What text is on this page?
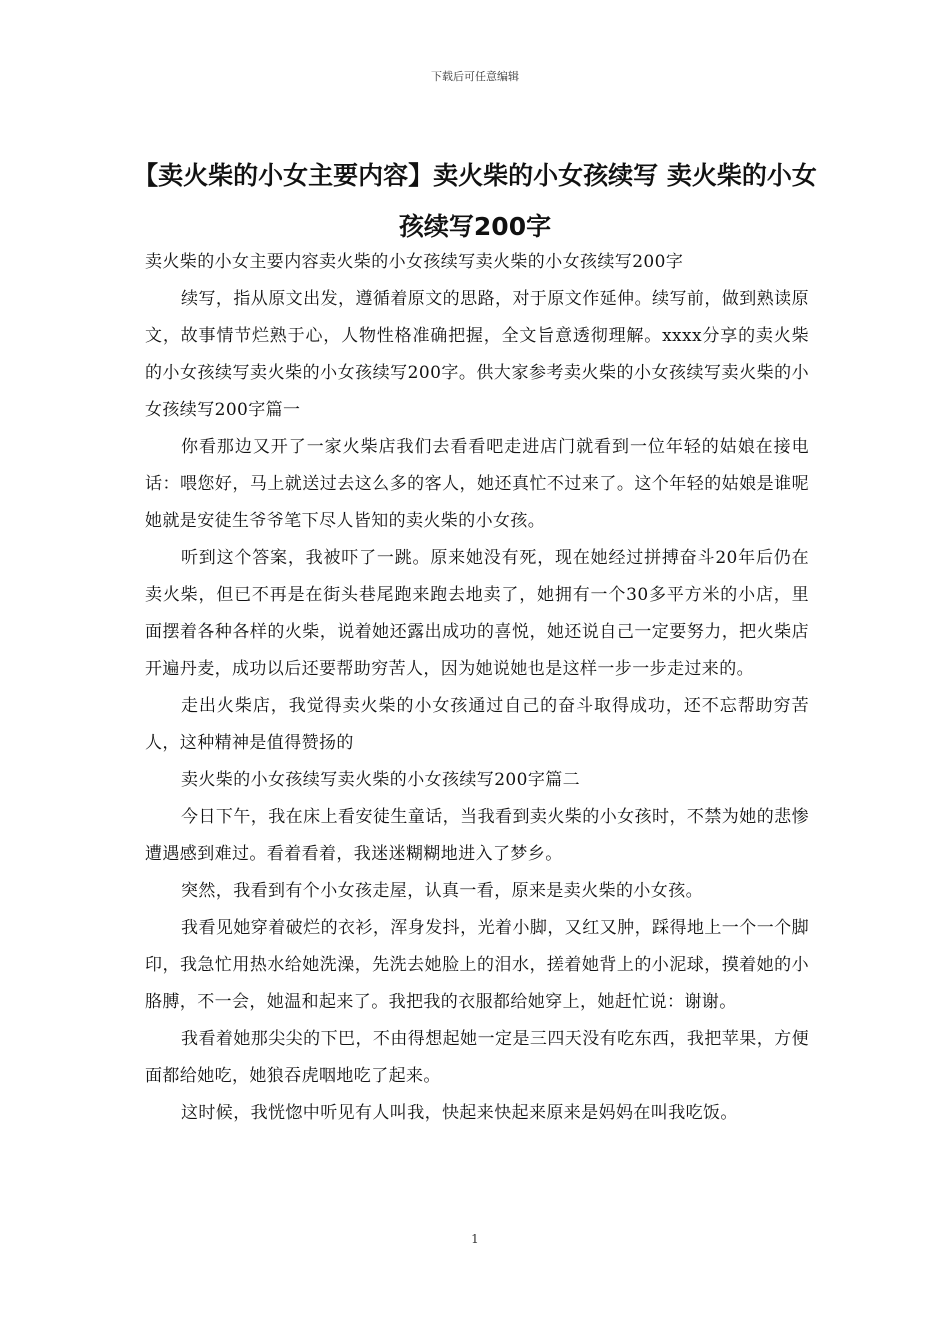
下载后可任意编辑
【卖火柴的小女主要内容】卖火柴的小女孩续写 卖火柴的小女孩续写200字

卖火柴的小女主要内容卖火柴的小女孩续写卖火柴的小女孩续写200字

续写，指从原文出发，遵循着原文的思路，对于原文作延伸。续写前，做到熟读原文，故事情节烂熟于心，人物性格准确把握，全文旨意透彻理解。xxxx分享的卖火柴的小女孩续写卖火柴的小女孩续写200字。供大家参考卖火柴的小女孩续写卖火柴的小女孩续写200字篇一

你看那边又开了一家火柴店我们去看看吧走进店门就看到一位年轻的姑娘在接电话：喂您好，马上就送过去这么多的客人，她还真忙不过来了。这个年轻的姑娘是谁呢她就是安徒生爷爷笔下尽人皆知的卖火柴的小女孩。

听到这个答案，我被吓了一跳。原来她没有死，现在她经过拼搏奋斗20年后仍在卖火柴，但已不再是在街头巷尾跑来跑去地卖了，她拥有一个30多平方米的小店，里面摆着各种各样的火柴，说着她还露出成功的喜悦，她还说自己一定要努力，把火柴店开遍丹麦，成功以后还要帮助穷苦人，因为她说她也是这样一步一步走过来的。

走出火柴店，我觉得卖火柴的小女孩通过自己的奋斗取得成功，还不忘帮助穷苦人，这种精神是值得赞扬的

卖火柴的小女孩续写卖火柴的小女孩续写200字篇二

今日下午，我在床上看安徒生童话，当我看到卖火柴的小女孩时，不禁为她的悲惨遭遇感到难过。看着看着，我迷迷糊糊地进入了梦乡。

突然，我看到有个小女孩走屋，认真一看，原来是卖火柴的小女孩。

我看见她穿着破烂的衣衫，浑身发抖，光着小脚，又红又肿，踩得地上一个一个脚印，我急忙用热水给她洗澡，先洗去她脸上的泪水，搓着她背上的小泥球，摸着她的小胳膊，不一会，她温和起来了。我把我的衣服都给她穿上，她赶忙说：谢谢。

我看着她那尖尖的下巴，不由得想起她一定是三四天没有吃东西，我把苹果，方便面都给她吃，她狼吞虎咽地吃了起来。

这时候，我恍惚中听见有人叫我，快起来快起来原来是妈妈在叫我吃饭。

1
